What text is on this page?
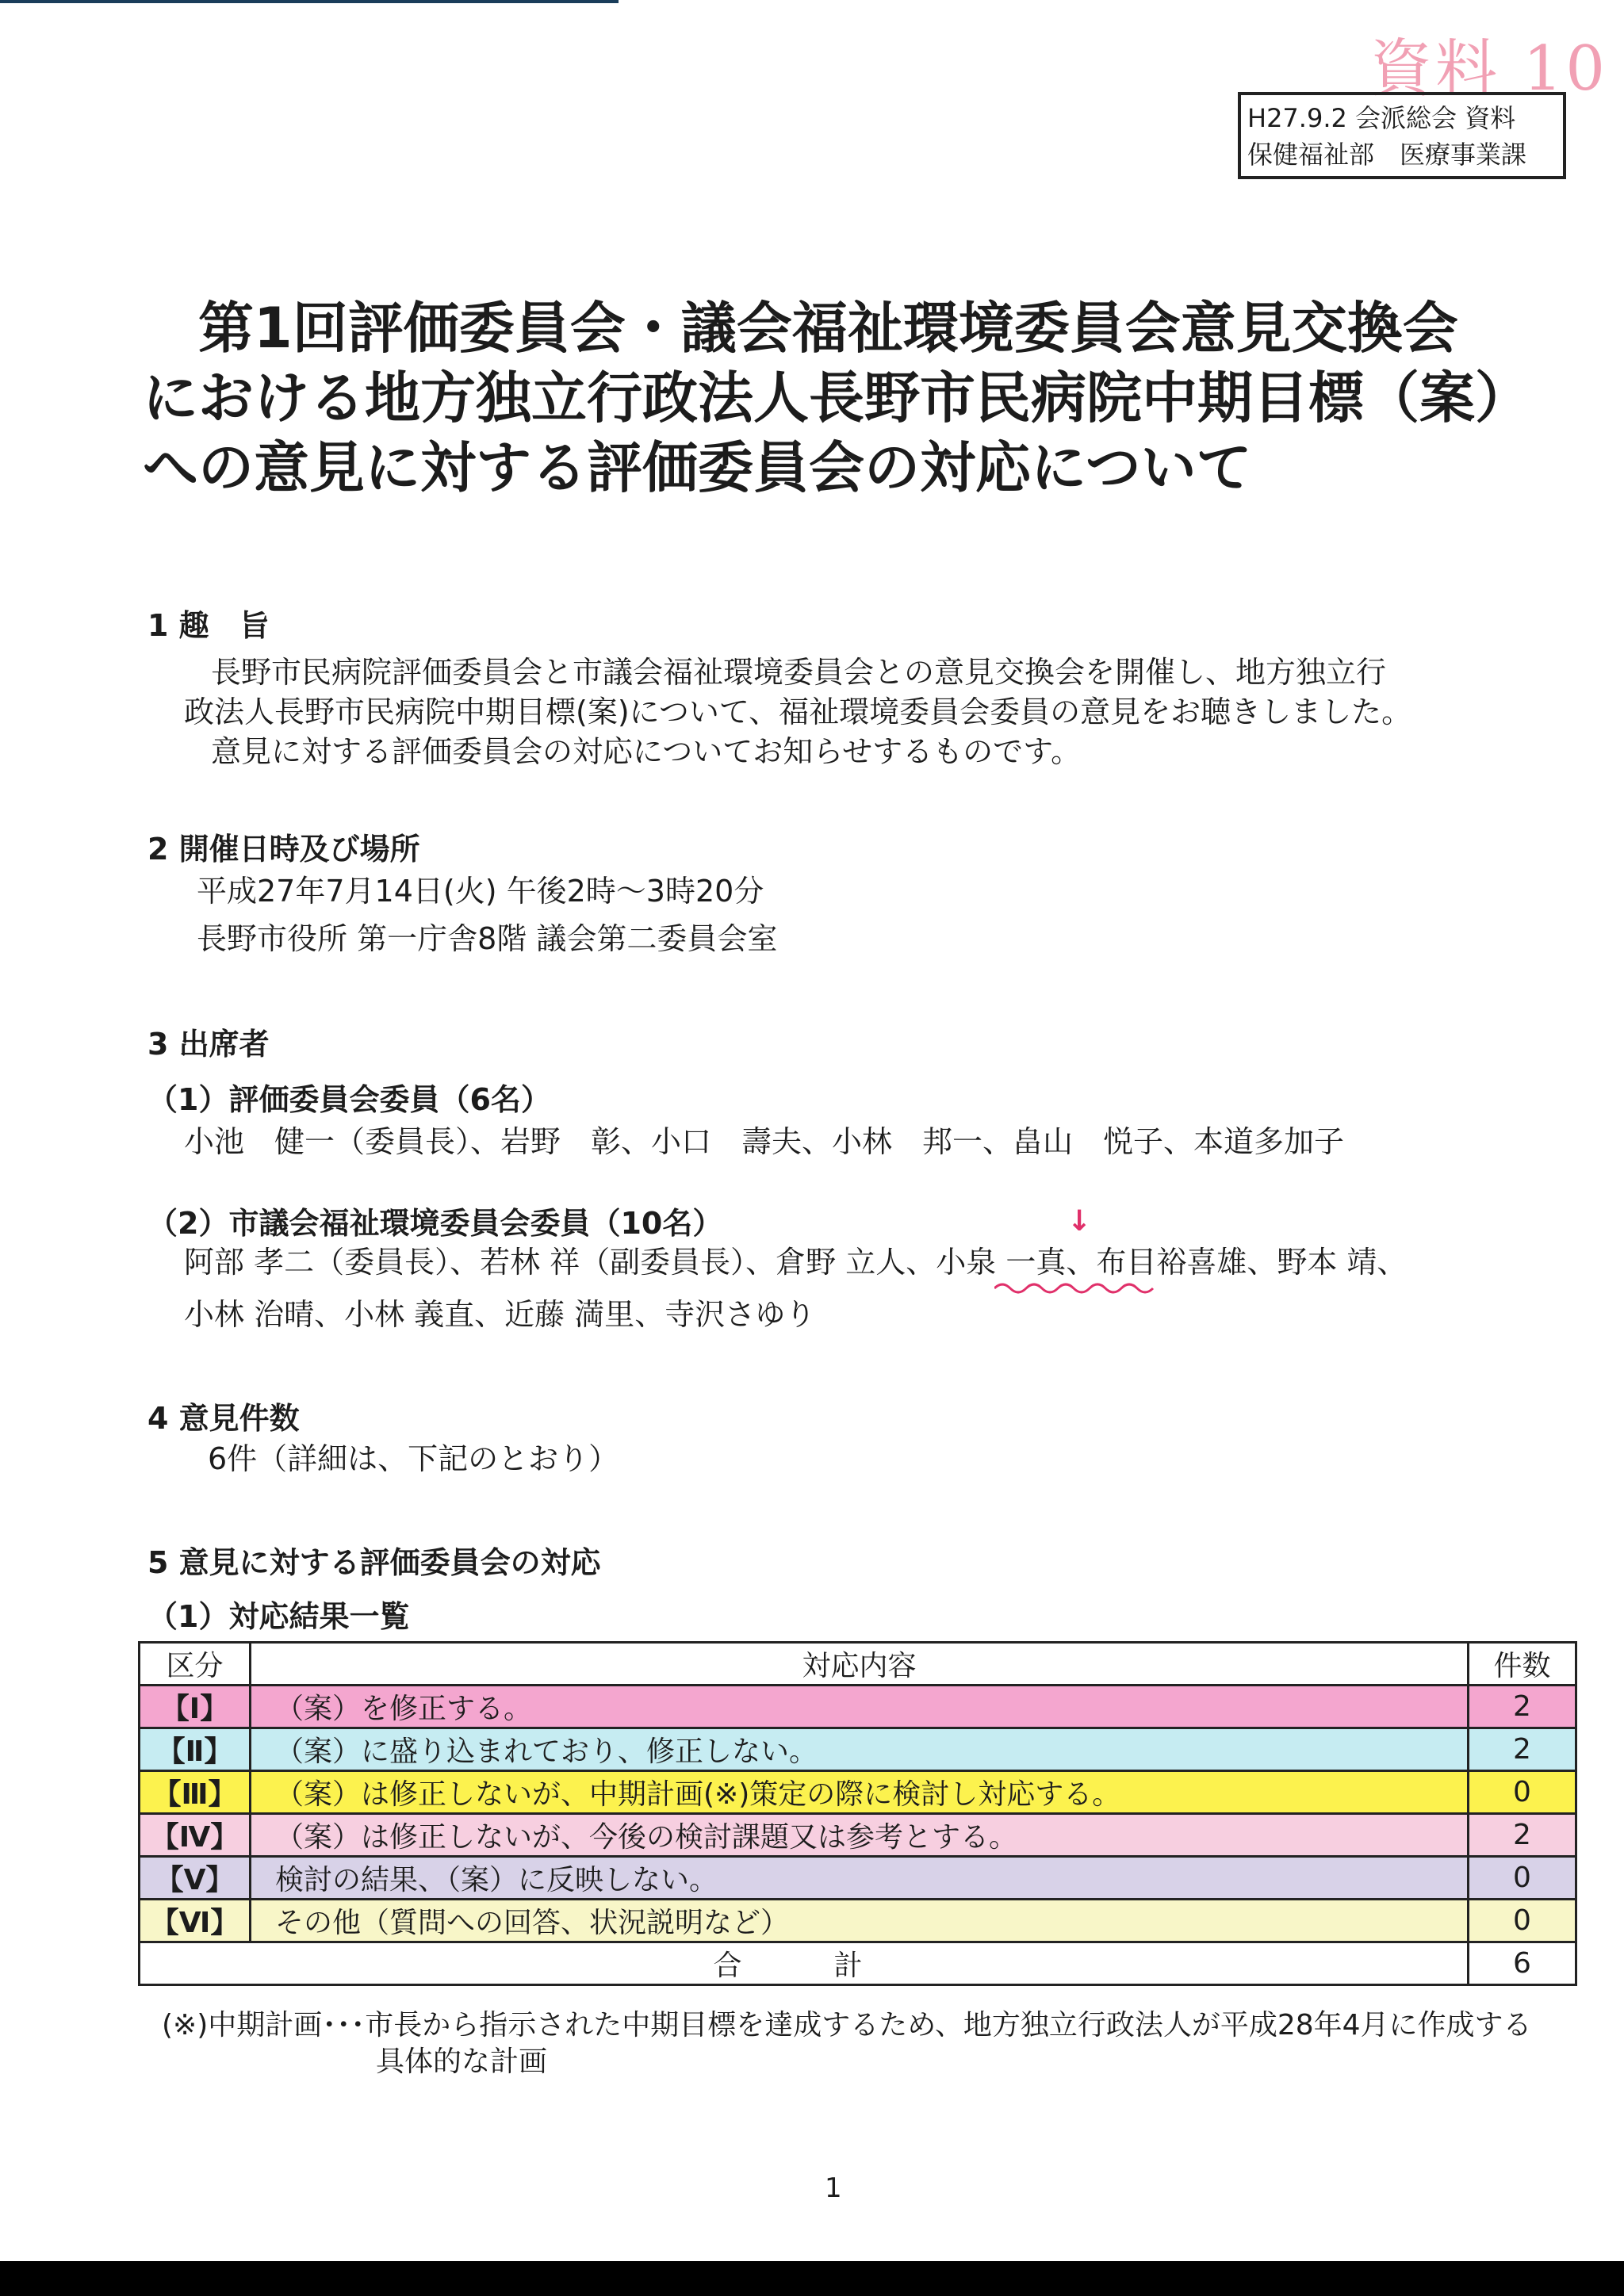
資料 10
H27.9.2 会派総会 資料
保健福祉部　医療事業課
第1回評価委員会・議会福祉環境委員会意見交換会
における地方独立行政法人長野市民病院中期目標（案）
への意見に対する評価委員会の対応について
1 趣　旨
長野市民病院評価委員会と市議会福祉環境委員会との意見交換会を開催し、地方独立行
政法人長野市民病院中期目標(案)について、福祉環境委員会委員の意見をお聴きしました。
意見に対する評価委員会の対応についてお知らせするものです。
2 開催日時及び場所
平成27年7月14日(火) 午後2時～3時20分
長野市役所 第一庁舎8階 議会第二委員会室
3 出席者
（1）評価委員会委員（6名）
小池　健一（委員長）、岩野　彰、小口　壽夫、小林　邦一、畠山　悦子、本道多加子
（2）市議会福祉環境委員会委員（10名）	↓
阿部 孝二（委員長）、若林 祥（副委員長）、倉野 立人、小泉 一真、布目裕喜雄、野本 靖、
小林 治晴、小林 義直、近藤 満里、寺沢さゆり
4 意見件数
6件（詳細は、下記のとおり）
5 意見に対する評価委員会の対応
（1）対応結果一覧
区分	対応内容	件数
【Ⅰ】	（案）を修正する。	2
【Ⅱ】	（案）に盛り込まれており、修正しない。	2
【Ⅲ】	（案）は修正しないが、中期計画(※)策定の際に検討し対応する。	0
【Ⅳ】	（案）は修正しないが、今後の検討課題又は参考とする。	2
【Ⅴ】	検討の結果、（案）に反映しない。	0
【Ⅵ】	その他（質問への回答、状況説明など）	0
合　計		6
(※)中期計画･･･市長から指示された中期目標を達成するため、地方独立行政法人が平成28年4月に作成する
具体的な計画
1
